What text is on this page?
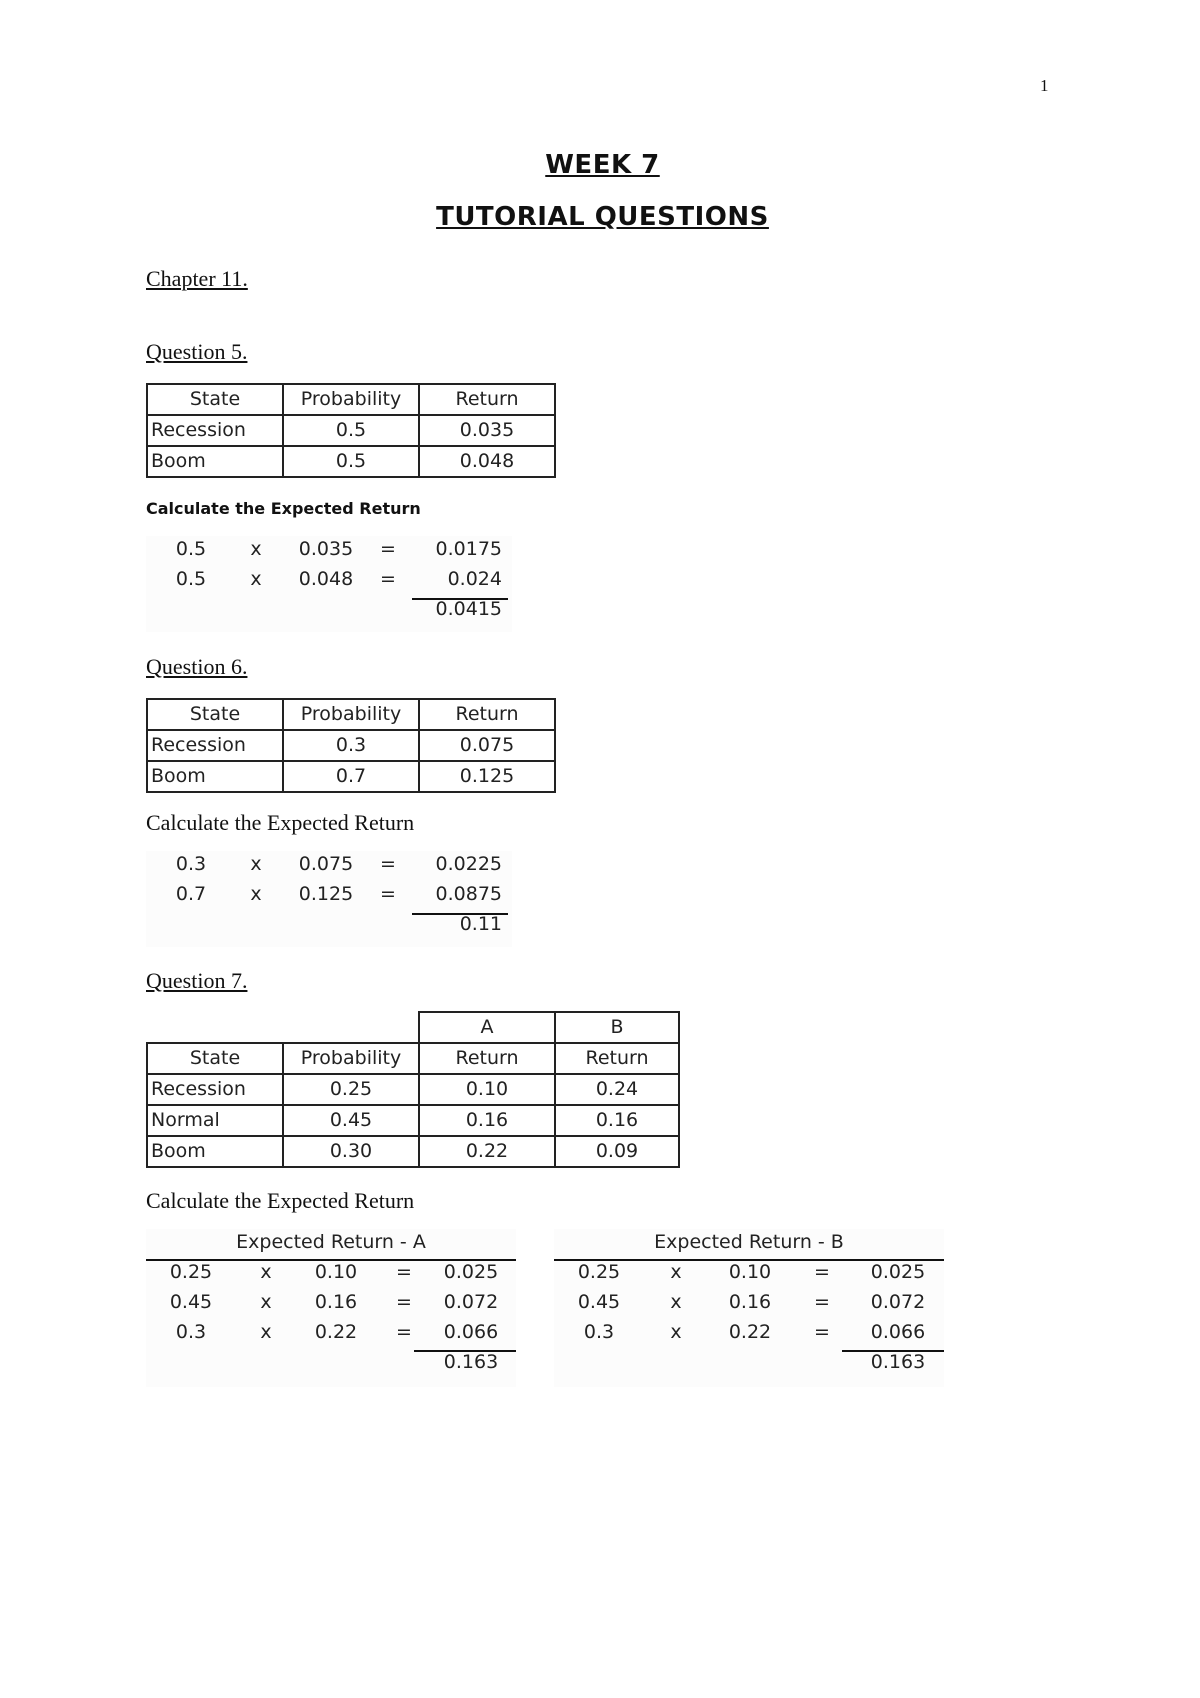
1
WEEK 7
TUTORIAL QUESTIONS
Chapter 11.
Question 5.
State	Probability	Return
Recession	0.5	0.035
Boom	0.5	0.048
Calculate the Expected Return
0.5	x	0.035	=	0.0175
0.5	x	0.048	=	0.024
0.0415
Question 6.
State	Probability	Return
Recession	0.3	0.075
Boom	0.7	0.125
Calculate the Expected Return
0.3	x	0.075	=	0.0225
0.7	x	0.125	=	0.0875
0.11
Question 7.
		A	B
State	Probability	Return	Return
Recession	0.25	0.10	0.24
Normal	0.45	0.16	0.16
Boom	0.30	0.22	0.09
Calculate the Expected Return
Expected Return - A
0.25	x	0.10	=	0.025
0.45	x	0.16	=	0.072
0.3	x	0.22	=	0.066
0.163
Expected Return - B
0.25	x	0.10	=	0.025
0.45	x	0.16	=	0.072
0.3	x	0.22	=	0.066
0.163
